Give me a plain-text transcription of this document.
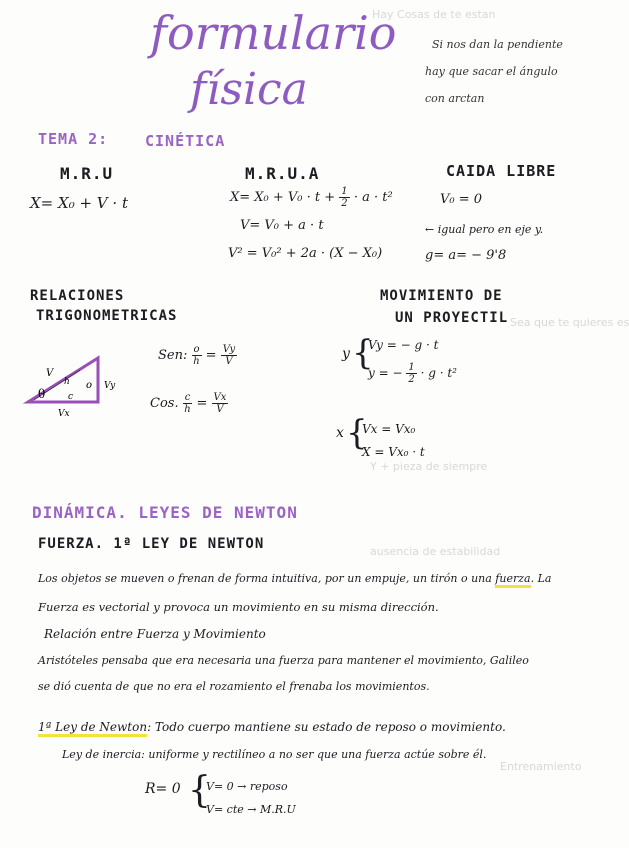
formulario
física
Hay Cosas de te estan
Si nos dan la pendiente
hay que sacar el ángulo
con arctan
TEMA 2: CINÉTICA
M.R.U
X= X₀ + V · t
M.R.U.A
$X= X_0 + V_0 \cdot t + \frac{1}{2} \cdot a \cdot t^2$
V= V₀ + a · t
V² = V₀² + 2a · (X − X₀)
CAIDA LIBRE
V₀ = 0
← igual pero en eje y.
g= a= − 9'8
RELACIONES
TRIGONOMETRICAS
V
h o
θ	c
Vy
Vx
Sen: $\frac{o}{h} = \frac{Vy}{V}$
Cos. $\frac{c}{h} = \frac{Vx}{V}$
MOVIMIENTO DE
UN PROYECTIL
y {
Vy = − g · t
y = − $\frac{1}{2} \cdot g \cdot t^2$
x {
Vx = Vx₀
X = Vx₀ · t
Sea que te quieres es
Y + pieza de siempre
ausencia de estabilidad
Entrenamiento
DINÁMICA. LEYES DE NEWTON
FUERZA. 1ª LEY DE NEWTON
Los objetos se mueven o frenan de forma intuitiva, por un empuje, un tirón o una fuerza. La
Fuerza es vectorial y provoca un movimiento en su misma dirección.
Relación entre Fuerza y Movimiento
Aristóteles pensaba que era necesaria una fuerza para mantener el movimiento, Galileo
se dió cuenta de que no era el rozamiento el frenaba los movimientos.
1ª Ley de Newton: Todo cuerpo mantiene su estado de reposo o movimiento.
Ley de inercia: uniforme y rectilíneo a no ser que una fuerza actúe sobre él.
R= 0 {
V= 0 → reposo
V= cte → M.R.U
